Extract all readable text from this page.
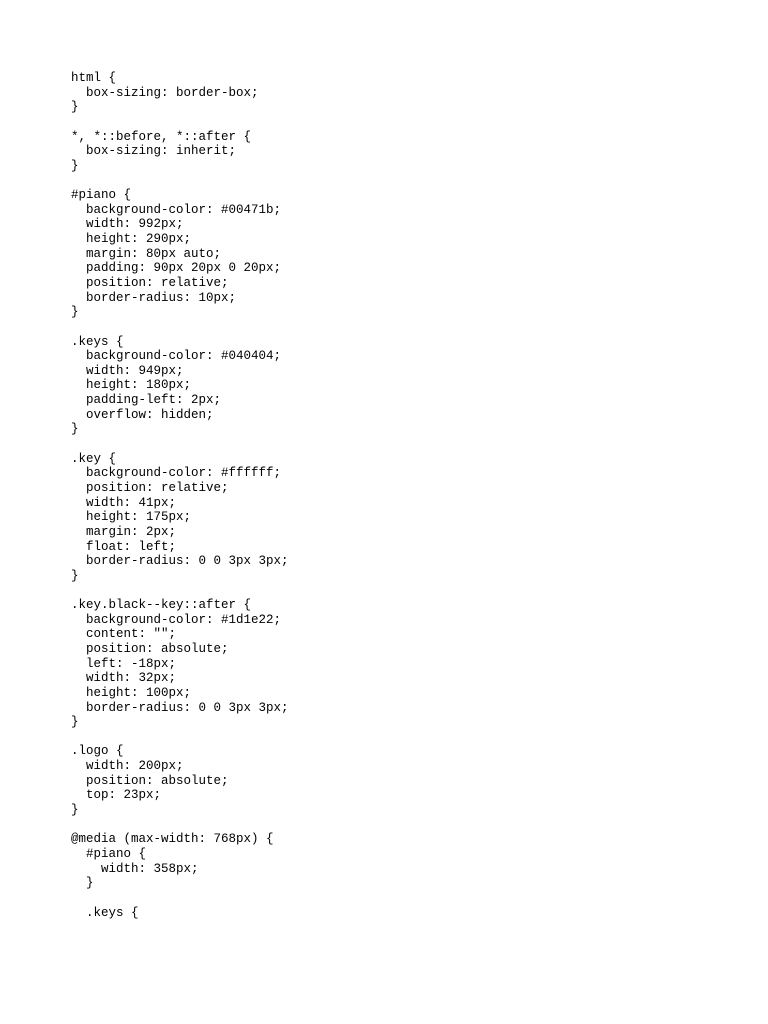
html {
box-sizing: border-box;
}
*, *::before, *::after {
box-sizing: inherit;
}
#piano {
background-color: #00471b;
width: 992px;
height: 290px;
margin: 80px auto;
padding: 90px 20px 0 20px;
position: relative;
border-radius: 10px;
}
.keys {
background-color: #040404;
width: 949px;
height: 180px;
padding-left: 2px;
overflow: hidden;
}
.key {
background-color: #ffffff;
position: relative;
width: 41px;
height: 175px;
margin: 2px;
float: left;
border-radius: 0 0 3px 3px;
}
.key.black--key::after {
background-color: #1d1e22;
content: "";
position: absolute;
left: -18px;
width: 32px;
height: 100px;
border-radius: 0 0 3px 3px;
}
.logo {
width: 200px;
position: absolute;
top: 23px;
}
@media (max-width: 768px) {
#piano {
width: 358px;
}
.keys {
